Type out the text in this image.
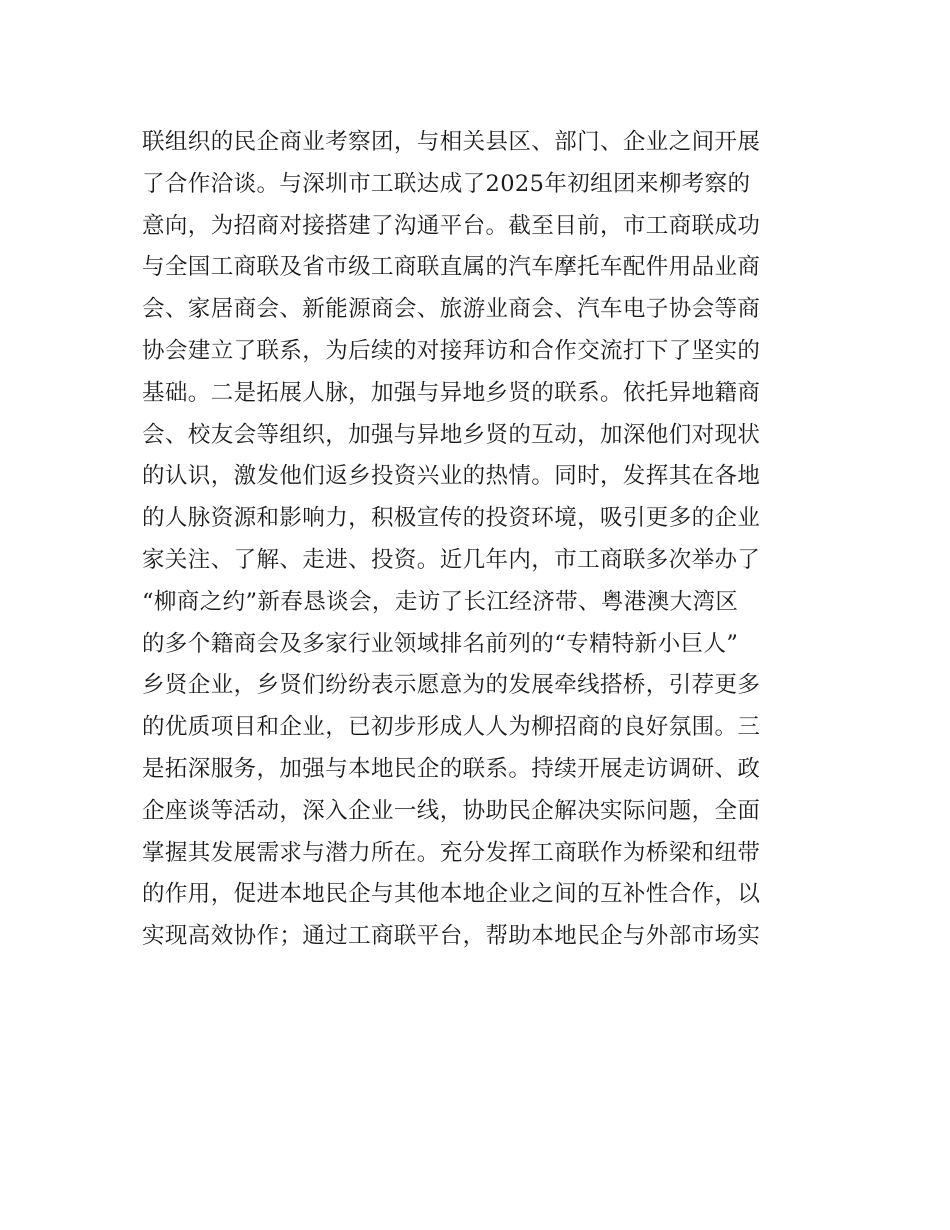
联组织的民企商业考察团，与相关县区、部门、企业之间开展
了合作洽谈。与深圳市工联达成了2025年初组团来柳考察的
意向，为招商对接搭建了沟通平台。截至目前，市工商联成功
与全国工商联及省市级工商联直属的汽车摩托车配件用品业商
会、家居商会、新能源商会、旅游业商会、汽车电子协会等商
协会建立了联系，为后续的对接拜访和合作交流打下了坚实的
基础。二是拓展人脉，加强与异地乡贤的联系。依托异地籍商
会、校友会等组织，加强与异地乡贤的互动，加深他们对现状
的认识，激发他们返乡投资兴业的热情。同时，发挥其在各地
的人脉资源和影响力，积极宣传的投资环境，吸引更多的企业
家关注、了解、走进、投资。近几年内，市工商联多次举办了
“柳商之约”新春恳谈会，走访了长江经济带、粤港澳大湾区
的多个籍商会及多家行业领域排名前列的“专精特新小巨人”
乡贤企业，乡贤们纷纷表示愿意为的发展牵线搭桥，引荐更多
的优质项目和企业，已初步形成人人为柳招商的良好氛围。三
是拓深服务，加强与本地民企的联系。持续开展走访调研、政
企座谈等活动，深入企业一线，协助民企解决实际问题，全面
掌握其发展需求与潜力所在。充分发挥工商联作为桥梁和纽带
的作用，促进本地民企与其他本地企业之间的互补性合作，以
实现高效协作；通过工商联平台，帮助本地民企与外部市场实
